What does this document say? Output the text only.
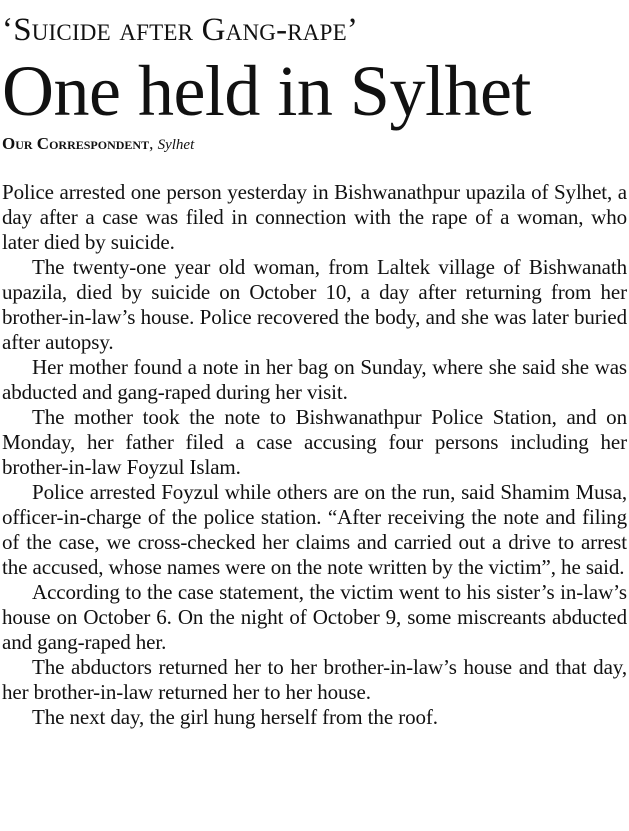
‘Suicide after Gang-rape’
One held in Sylhet
Our Correspondent, Sylhet

Police arrested one person yesterday in Bishwanathpur upazila of Sylhet, a day after a case was filed in connection with the rape of a woman, who later died by suicide.

The twenty-one year old woman, from Laltek village of Bishwanath upazila, died by suicide on October 10, a day after returning from her brother-in-law’s house. Police recovered the body, and she was later buried after autopsy.

Her mother found a note in her bag on Sunday, where she said she was abducted and gang-raped during her visit.

The mother took the note to Bishwanathpur Police Station, and on Monday, her father filed a case accusing four persons including her brother-in-law Foyzul Islam.

Police arrested Foyzul while others are on the run, said Shamim Musa, officer-in-charge of the police station. “After receiving the note and filing of the case, we cross-checked her claims and carried out a drive to arrest the accused, whose names were on the note written by the victim”, he said.

According to the case statement, the victim went to his sister’s in-law’s house on October 6. On the night of October 9, some miscreants abducted and gang-raped her.

The abductors returned her to her brother-in-law’s house and that day, her brother-in-law returned her to her house.

The next day, the girl hung herself from the roof.
